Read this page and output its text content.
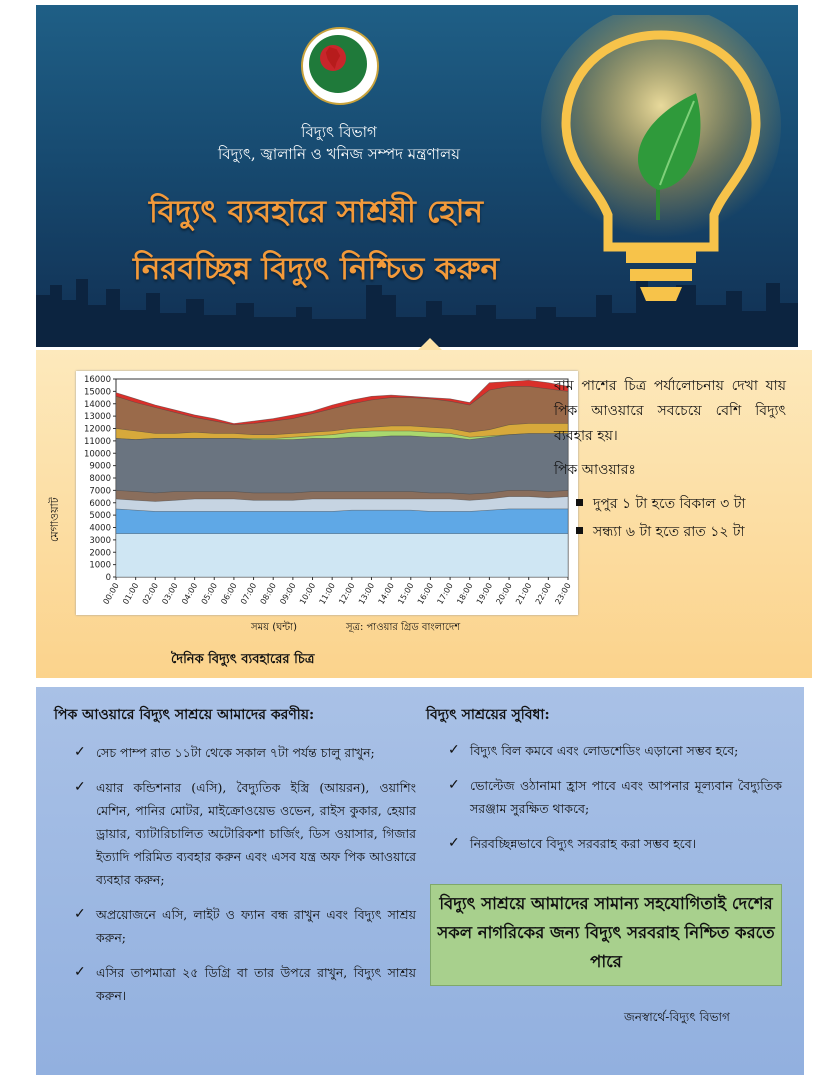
বিদ্যুৎ বিভাগ
বিদ্যুৎ, জ্বালানি ও খনিজ সম্পদ মন্ত্রণালয়
বিদ্যুৎ ব্যবহারে সাশ্রয়ী হোন
নিরবচ্ছিন্ন বিদ্যুৎ নিশ্চিত করুন
মেগাওয়াট
0
1000
2000
3000
4000
5000
6000
7000
8000
9000
10000
11000
12000
13000
14000
15000
16000
00:00 01:00 02:00 03:00 04:00 05:00 06:00 07:00 08:00 09:00 10:00 11:00 12:00 13:00 14:00 15:00 16:00 17:00 18:00 19:00 20:00 21:00 22:00 23:00
সময় (ঘন্টা)	সূত্র: পাওয়ার গ্রিড বাংলাদেশ
দৈনিক বিদ্যুৎ ব্যবহারের চিত্র
বাম পাশের চিত্র পর্যালোচনায় দেখা যায় পিক আওয়ারে সবচেয়ে বেশি বিদ্যুৎ ব্যবহার হয়।
পিক আওয়ারঃ
দুপুর ১ টা হতে বিকাল ৩ টা
সন্ধ্যা ৬ টা হতে রাত ১২ টা
পিক আওয়ারে বিদ্যুৎ সাশ্রয়ে আমাদের করণীয়:
✓ সেচ পাম্প রাত ১১টা থেকে সকাল ৭টা পর্যন্ত চালু রাখুন;
✓ এয়ার কন্ডিশনার (এসি), বৈদ্যুতিক ইস্ত্রি (আয়রন), ওয়াশিং মেশিন, পানির মোটর, মাইক্রোওয়েভ ওভেন, রাইস কুকার, হেয়ার ড্রায়ার, ব্যাটারিচালিত অটোরিকশা চার্জিং, ডিস ওয়াসার, গিজার ইত্যাদি পরিমিত ব্যবহার করুন এবং এসব যন্ত্র অফ পিক আওয়ারে ব্যবহার করুন;
✓ অপ্রয়োজনে এসি, লাইট ও ফ্যান বন্ধ রাখুন এবং বিদ্যুৎ সাশ্রয় করুন;
✓ এসির তাপমাত্রা ২৫ ডিগ্রি বা তার উপরে রাখুন, বিদ্যুৎ সাশ্রয় করুন।
বিদ্যুৎ সাশ্রয়ের সুবিধা:
✓ বিদ্যুৎ বিল কমবে এবং লোডশেডিং এড়ানো সম্ভব হবে;
✓ ভোল্টেজ ওঠানামা হ্রাস পাবে এবং আপনার মূল্যবান বৈদ্যুতিক সরঞ্জাম সুরক্ষিত থাকবে;
✓ নিরবচ্ছিন্নভাবে বিদ্যুৎ সরবরাহ করা সম্ভব হবে।
বিদ্যুৎ সাশ্রয়ে আমাদের সামান্য সহযোগিতাই দেশের সকল নাগরিকের জন্য বিদ্যুৎ সরবরাহ নিশ্চিত করতে পারে
জনস্বার্থে-বিদ্যুৎ বিভাগ
